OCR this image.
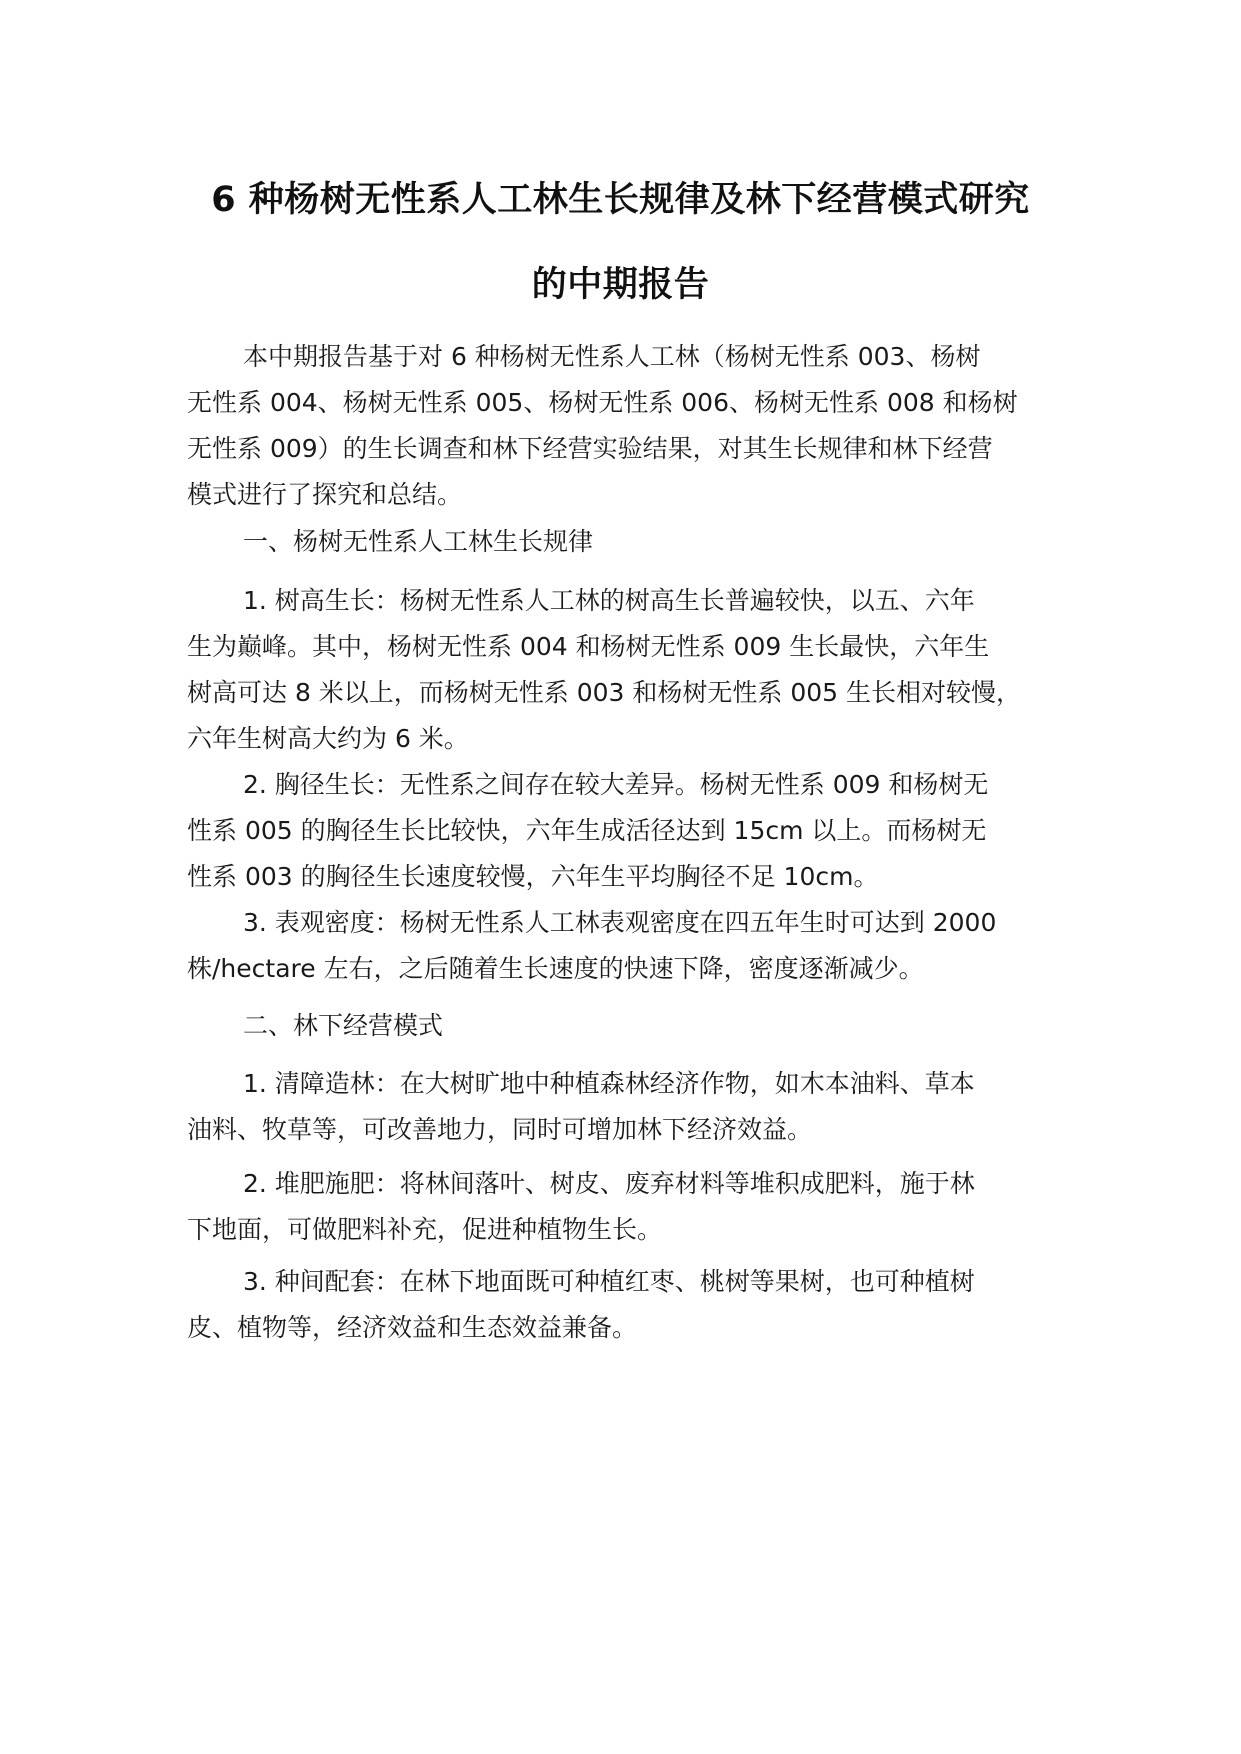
6 种杨树无性系人工林生长规律及林下经营模式研究
的中期报告
本中期报告基于对 6 种杨树无性系人工林（杨树无性系 003、杨树
无性系 004、杨树无性系 005、杨树无性系 006、杨树无性系 008 和杨树
无性系 009）的生长调查和林下经营实验结果，对其生长规律和林下经营
模式进行了探究和总结。
一、杨树无性系人工林生长规律
1. 树高生长：杨树无性系人工林的树高生长普遍较快，以五、六年
生为巅峰。其中，杨树无性系 004 和杨树无性系 009 生长最快，六年生
树高可达 8 米以上，而杨树无性系 003 和杨树无性系 005 生长相对较慢，
六年生树高大约为 6 米。
2. 胸径生长：无性系之间存在较大差异。杨树无性系 009 和杨树无
性系 005 的胸径生长比较快，六年生成活径达到 15cm 以上。而杨树无
性系 003 的胸径生长速度较慢，六年生平均胸径不足 10cm。
3. 表观密度：杨树无性系人工林表观密度在四五年生时可达到 2000
株/hectare 左右，之后随着生长速度的快速下降，密度逐渐减少。
二、林下经营模式
1. 清障造林：在大树旷地中种植森林经济作物，如木本油料、草本
油料、牧草等，可改善地力，同时可增加林下经济效益。
2. 堆肥施肥：将林间落叶、树皮、废弃材料等堆积成肥料，施于林
下地面，可做肥料补充，促进种植物生长。
3. 种间配套：在林下地面既可种植红枣、桃树等果树，也可种植树
皮、植物等，经济效益和生态效益兼备。
